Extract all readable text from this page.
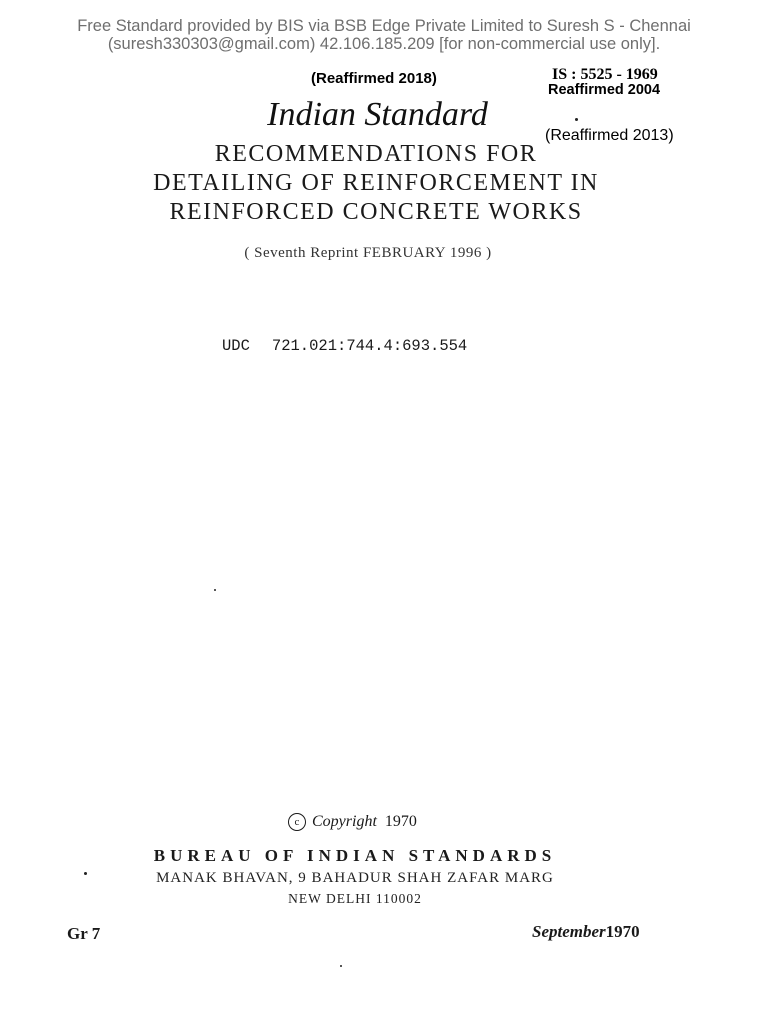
Free Standard provided by BIS via BSB Edge Private Limited to Suresh S - Chennai
(suresh330303@gmail.com) 42.106.185.209 [for non-commercial use only].
(Reaffirmed 2018)	IS : 5525 - 1969
Reaffirmed 2004
(Reaffirmed 2013)
Indian Standard
RECOMMENDATIONS FOR
DETAILING OF REINFORCEMENT IN
REINFORCED CONCRETE WORKS
( Seventh Reprint FEBRUARY 1996 )
UDC 721.021:744.4:693.554
c Copyright 1970
BUREAU OF INDIAN STANDARDS
MANAK BHAVAN, 9 BAHADUR SHAH ZAFAR MARG
NEW DELHI 110002
Gr 7	September1970
